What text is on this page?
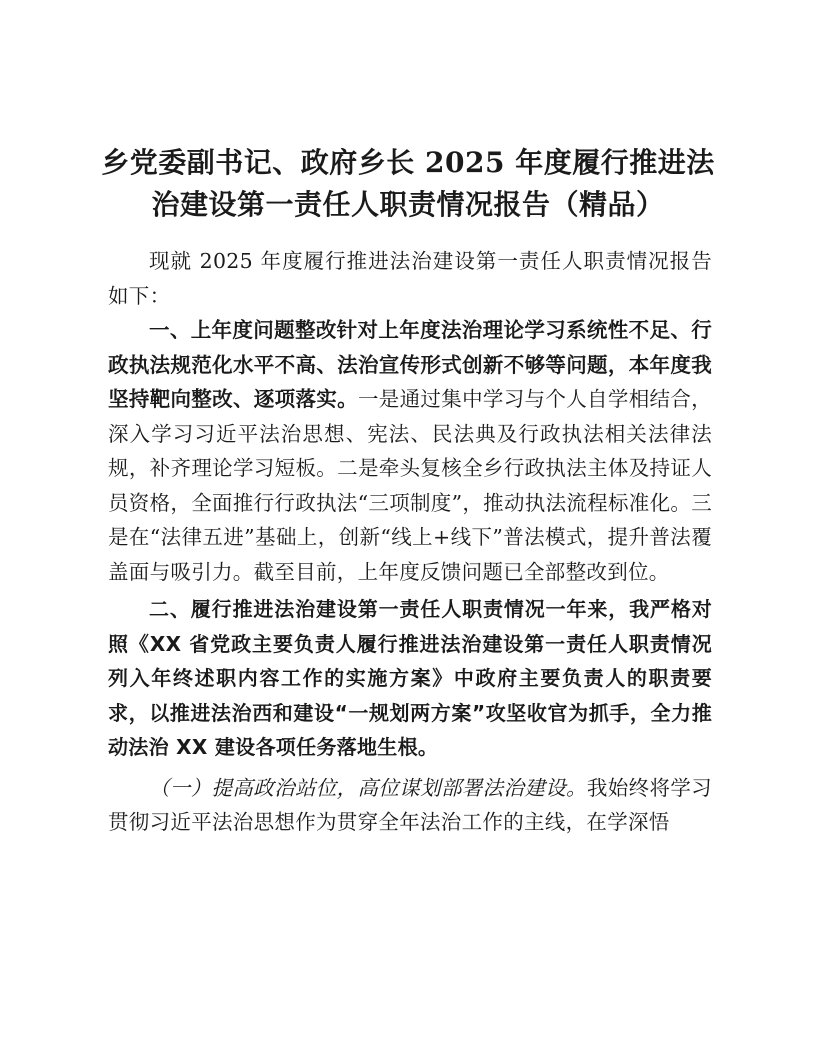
乡党委副书记、政府乡长 2025 年度履行推进法
治建设第一责任人职责情况报告（精品）

现就 2025 年度履行推进法治建设第一责任人职责情况报告如下：

一、上年度问题整改针对上年度法治理论学习系统性不足、行政执法规范化水平不高、法治宣传形式创新不够等问题，本年度我坚持靶向整改、逐项落实。一是通过集中学习与个人自学相结合，深入学习习近平法治思想、宪法、民法典及行政执法相关法律法规，补齐理论学习短板。二是牵头复核全乡行政执法主体及持证人员资格，全面推行行政执法“三项制度”，推动执法流程标准化。三是在“法律五进”基础上，创新“线上+线下”普法模式，提升普法覆盖面与吸引力。截至目前，上年度反馈问题已全部整改到位。

二、履行推进法治建设第一责任人职责情况一年来，我严格对照《XX 省党政主要负责人履行推进法治建设第一责任人职责情况列入年终述职内容工作的实施方案》中政府主要负责人的职责要求，以推进法治西和建设“一规划两方案”攻坚收官为抓手，全力推动法治 XX 建设各项任务落地生根。

（一）提高政治站位，高位谋划部署法治建设。我始终将学习贯彻习近平法治思想作为贯穿全年法治工作的主线，在学深悟
